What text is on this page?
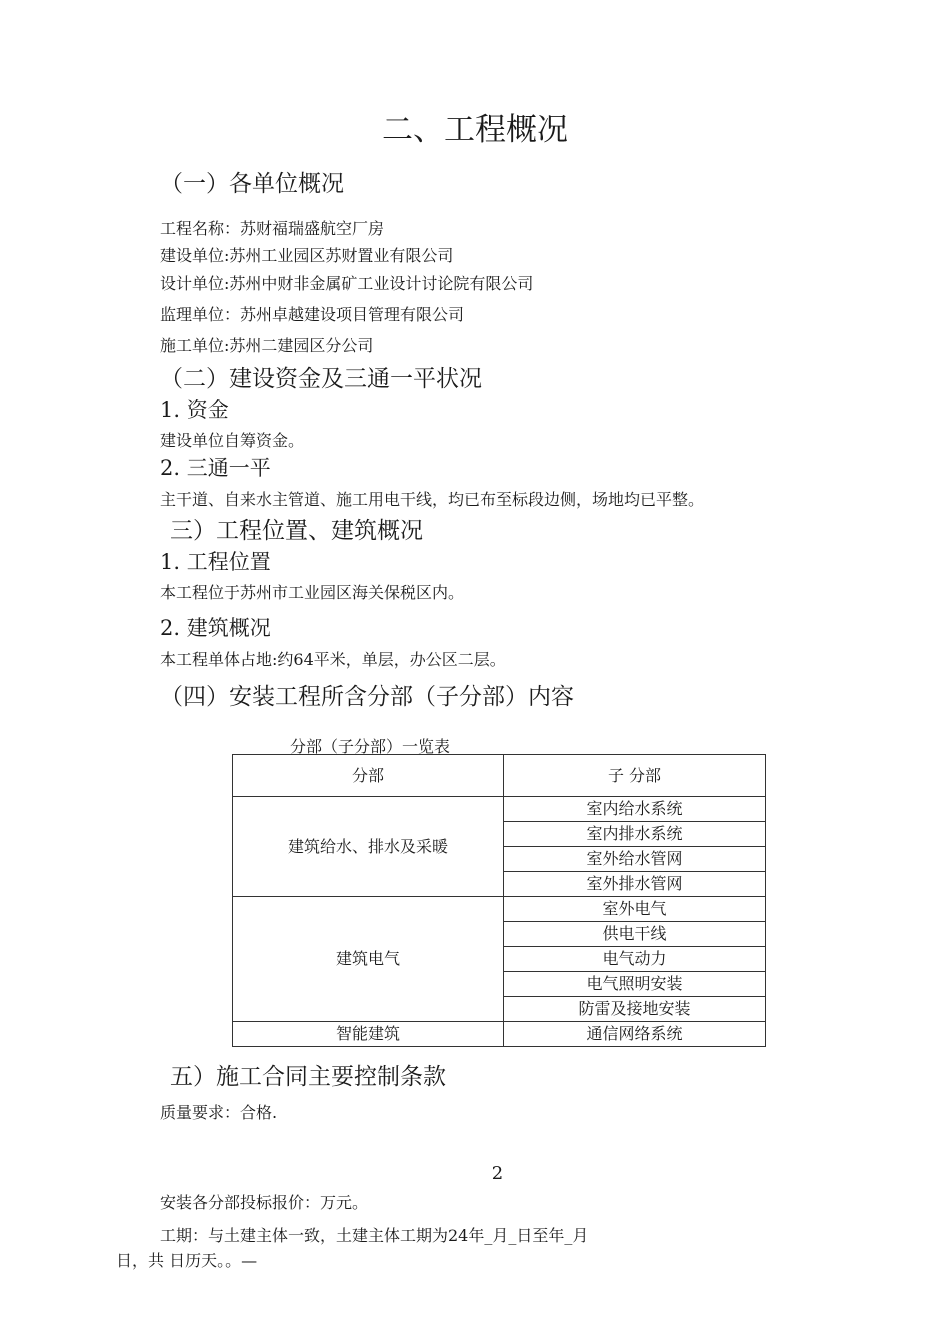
二、工程概况
（一）各单位概况
工程名称：苏财福瑞盛航空厂房
建设单位:苏州工业园区苏财置业有限公司
设计单位:苏州中财非金属矿工业设计讨论院有限公司
监理单位：苏州卓越建设项目管理有限公司
施工单位:苏州二建园区分公司
（二）建设资金及三通一平状况
1. 资金
建设单位自筹资金。
2. 三通一平
主干道、自来水主管道、施工用电干线，均已布至标段边侧，场地均已平整。
三）工程位置、建筑概况
1. 工程位置
本工程位于苏州市工业园区海关保税区内。
2. 建筑概况
本工程单体占地:约64平米，单层，办公区二层。
（四）安装工程所含分部（子分部）内容
分部（子分部）一览表
分部	子 分部
建筑给水、排水及采暖	室内给水系统
	室内排水系统
	室外给水管网
	室外排水管网
建筑电气	室外电气
	供电干线
	电气动力
	电气照明安装
	防雷及接地安装
智能建筑	通信网络系统
五）施工合同主要控制条款
质量要求：合格.
2
安装各分部投标报价：万元。
工期：与土建主体一致，土建主体工期为24年_月_日至年_月
日，共 日历天。。—
